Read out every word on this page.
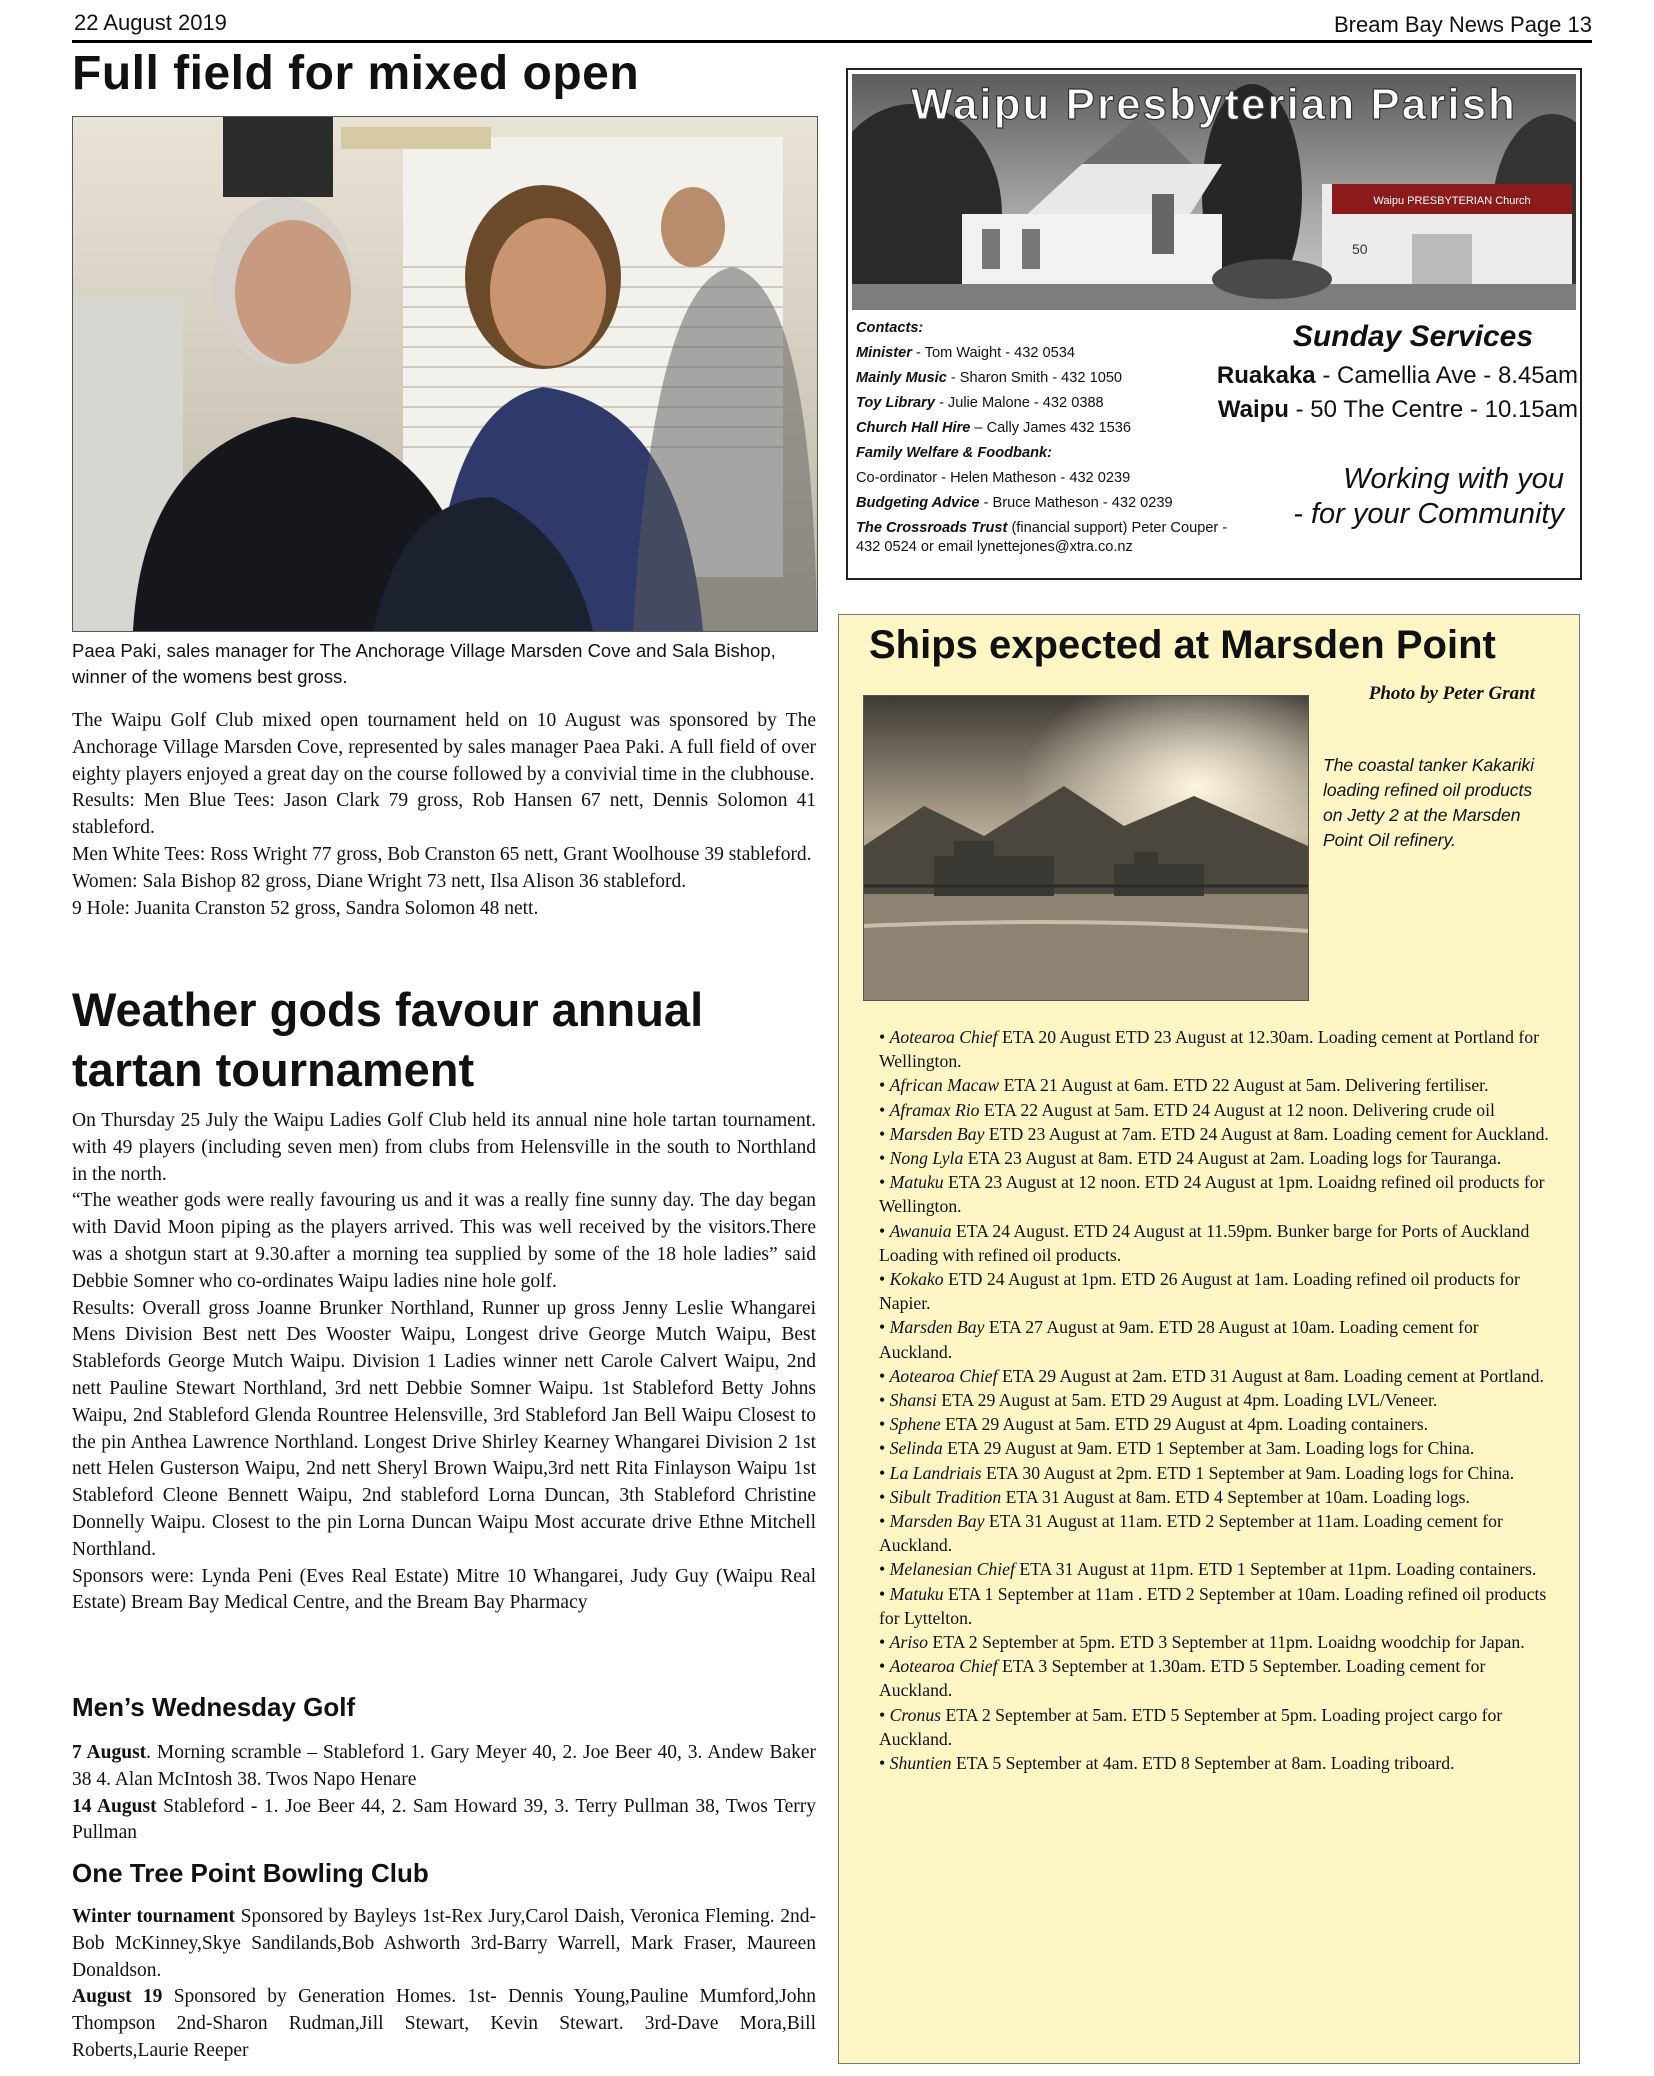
22 August 2019	Bream Bay News Page 13
Full field for mixed open
Paea Paki, sales manager for The Anchorage Village Marsden Cove and Sala Bishop, winner of the womens best gross.

The Waipu Golf Club mixed open tournament held on 10 August was sponsored by The Anchorage Village Marsden Cove, represented by sales manager Paea Paki. A full field of over eighty players enjoyed a great day on the course followed by a convivial time in the clubhouse.

Results: Men Blue Tees: Jason Clark 79 gross, Rob Hansen 67 nett, Dennis Solomon 41 stableford.

Men White Tees: Ross Wright 77 gross, Bob Cranston 65 nett, Grant Woolhouse 39 stableford.

Women: Sala Bishop 82 gross, Diane Wright 73 nett, Ilsa Alison 36 stableford.

9 Hole: Juanita Cranston 52 gross, Sandra Solomon 48 nett.

Weather gods favour annual tartan tournament

On Thursday 25 July the Waipu Ladies Golf Club held its annual nine hole tartan tournament. with 49 players (including seven men) from clubs from Helensville in the south to Northland in the north.

“The weather gods were really favouring us and it was a really fine sunny day. The day began with David Moon piping as the players arrived. This was well received by the visitors.There was a shotgun start at 9.30.after a morning tea supplied by some of the 18 hole ladies” said Debbie Somner who co-ordinates Waipu ladies nine hole golf.

Results: Overall gross Joanne Brunker Northland, Runner up gross Jenny Leslie Whangarei Mens Division Best nett Des Wooster Waipu, Longest drive George Mutch Waipu, Best Stablefords George Mutch Waipu. Division 1 Ladies winner nett Carole Calvert Waipu, 2nd nett Pauline Stewart Northland, 3rd nett Debbie Somner Waipu. 1st Stableford Betty Johns Waipu, 2nd Stableford Glenda Rountree Helensville, 3rd Stableford Jan Bell Waipu Closest to the pin Anthea Lawrence Northland. Longest Drive Shirley Kearney Whangarei Division 2 1st nett Helen Gusterson Waipu, 2nd nett Sheryl Brown Waipu,3rd nett Rita Finlayson Waipu 1st Stableford Cleone Bennett Waipu, 2nd stableford Lorna Duncan, 3th Stableford Christine Donnelly Waipu. Closest to the pin Lorna Duncan Waipu Most accurate drive Ethne Mitchell Northland.

Sponsors were: Lynda Peni (Eves Real Estate) Mitre 10 Whangarei, Judy Guy (Waipu Real Estate) Bream Bay Medical Centre, and the Bream Bay Pharmacy

Men’s Wednesday Golf

7 August. Morning scramble – Stableford 1. Gary Meyer 40, 2. Joe Beer 40, 3. Andew Baker 38 4. Alan McIntosh 38. Twos Napo Henare

14 August Stableford - 1. Joe Beer 44, 2. Sam Howard 39, 3. Terry Pullman 38, Twos Terry Pullman

One Tree Point Bowling Club

Winter tournament Sponsored by Bayleys 1st-Rex Jury,Carol Daish, Veronica Fleming. 2nd-Bob McKinney,Skye Sandilands,Bob Ashworth 3rd-Barry Warrell, Mark Fraser, Maureen Donaldson.

August 19 Sponsored by Generation Homes. 1st- Dennis Young,Pauline Mumford,John Thompson 2nd-Sharon Rudman,Jill Stewart, Kevin Stewart. 3rd-Dave Mora,Bill Roberts,Laurie Reeper

Waipu PRESBYTERIAN Church
50
Waipu Presbyterian Parish
Contacts:
Minister - Tom Waight - 432 0534
Mainly Music - Sharon Smith - 432 1050
Toy Library - Julie Malone - 432 0388
Church Hall Hire – Cally James 432 1536
Family Welfare & Foodbank:
Co-ordinator - Helen Matheson - 432 0239
Budgeting Advice - Bruce Matheson - 432 0239
The Crossroads Trust (financial support) Peter Couper - 432 0524 or email lynettejones@xtra.co.nz
Sunday Services
Ruakaka - Camellia Ave - 8.45am
Waipu - 50 The Centre - 10.15am
Working with you
- for your Community
Ships expected at Marsden Point
Photo by Peter Grant
The coastal tanker Kakariki loading refined oil products on Jetty 2 at the Marsden Point Oil refinery.

• Aotearoa Chief ETA 20 August ETD 23 August at 12.30am. Loading cement at Portland for Wellington.

• African Macaw ETA 21 August at 6am. ETD 22 August at 5am. Delivering fertiliser.

• Aframax Rio ETA 22 August at 5am. ETD 24 August at 12 noon. Delivering crude oil

• Marsden Bay ETD 23 August at 7am. ETD 24 August at 8am. Loading cement for Auckland.

• Nong Lyla ETA 23 August at 8am. ETD 24 August at 2am. Loading logs for Tauranga.

• Matuku ETA 23 August at 12 noon. ETD 24 August at 1pm. Loaidng refined oil products for Wellington.

• Awanuia ETA 24 August. ETD 24 August at 11.59pm. Bunker barge for Ports of Auckland Loading with refined oil products.

• Kokako ETD 24 August at 1pm. ETD 26 August at 1am. Loading refined oil products for Napier.

• Marsden Bay ETA 27 August at 9am. ETD 28 August at 10am. Loading cement for Auckland.

• Aotearoa Chief ETA 29 August at 2am. ETD 31 August at 8am. Loading cement at Portland.

• Shansi ETA 29 August at 5am. ETD 29 August at 4pm. Loading LVL/Veneer.

• Sphene ETA 29 August at 5am. ETD 29 August at 4pm. Loading containers.

• Selinda ETA 29 August at 9am. ETD 1 September at 3am. Loading logs for China.

• La Landriais ETA 30 August at 2pm. ETD 1 September at 9am. Loading logs for China.

• Sibult Tradition ETA 31 August at 8am. ETD 4 September at 10am. Loading logs.

• Marsden Bay ETA 31 August at 11am. ETD 2 September at 11am. Loading cement for Auckland.

• Melanesian Chief ETA 31 August at 11pm. ETD 1 September at 11pm. Loading containers.

• Matuku ETA 1 September at 11am . ETD 2 September at 10am. Loading refined oil products for Lyttelton.

• Ariso ETA 2 September at 5pm. ETD 3 September at 11pm. Loaidng woodchip for Japan.

• Aotearoa Chief ETA 3 September at 1.30am. ETD 5 September. Loading cement for Auckland.

• Cronus ETA 2 September at 5am. ETD 5 September at 5pm. Loading project cargo for Auckland.

• Shuntien ETA 5 September at 4am. ETD 8 September at 8am. Loading triboard.
